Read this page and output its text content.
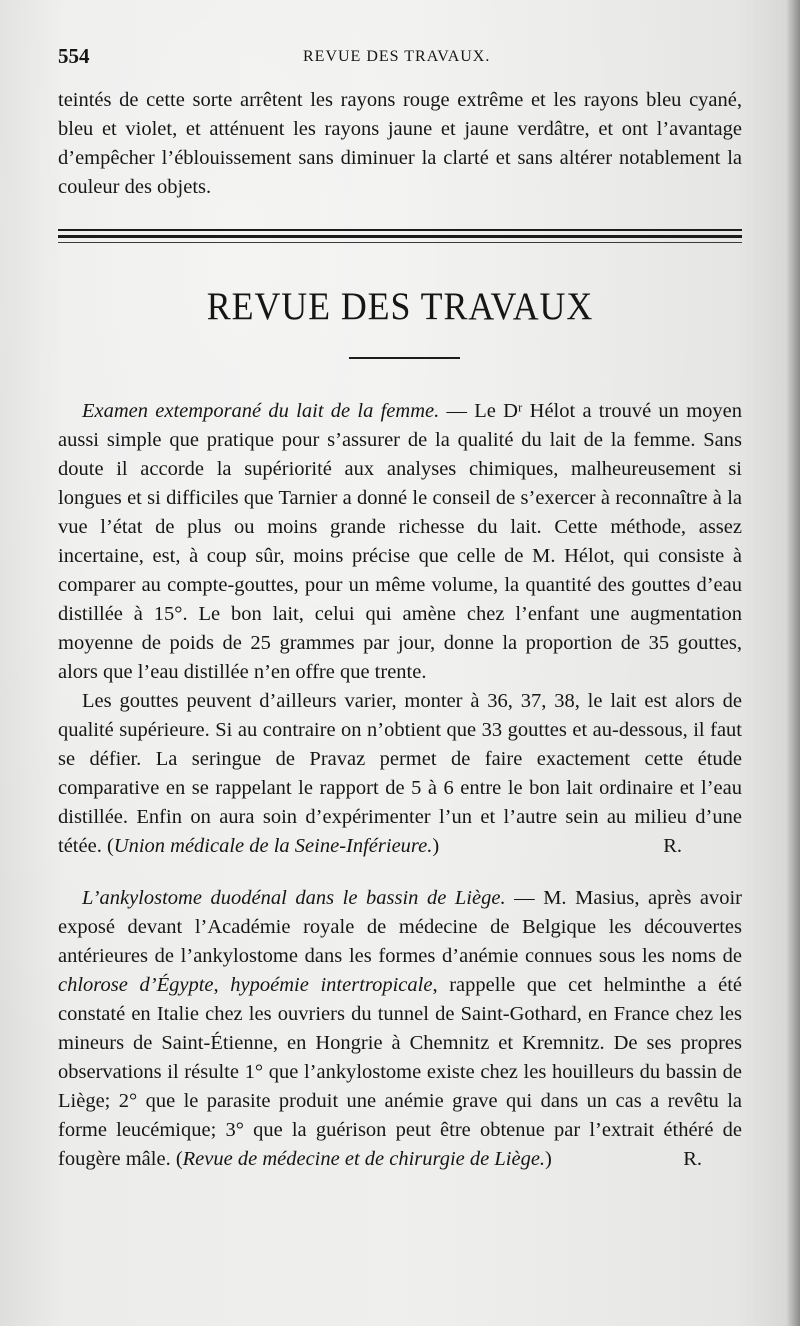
554	REVUE DES TRAVAUX.

teintés de cette sorte arrêtent les rayons rouge extrême et les rayons bleu cyané, bleu et violet, et atténuent les rayons jaune et jaune verdâtre, et ont l’avantage d’empêcher l’éblouissement sans diminuer la clarté et sans altérer notablement la couleur des objets.

REVUE DES TRAVAUX

Examen extemporané du lait de la femme. — Le Dʳ Hélot a trouvé un moyen aussi simple que pratique pour s’assurer de la qualité du lait de la femme. Sans doute il accorde la supériorité aux analyses chimiques, malheureusement si longues et si difficiles que Tarnier a donné le conseil de s’exercer à reconnaître à la vue l’état de plus ou moins grande richesse du lait. Cette méthode, assez incertaine, est, à coup sûr, moins précise que celle de M. Hélot, qui consiste à comparer au compte-gouttes, pour un même volume, la quantité des gouttes d’eau distillée à 15°. Le bon lait, celui qui amène chez l’enfant une augmentation moyenne de poids de 25 grammes par jour, donne la proportion de 35 gouttes, alors que l’eau distillée n’en offre que trente.

Les gouttes peuvent d’ailleurs varier, monter à 36, 37, 38, le lait est alors de qualité supérieure. Si au contraire on n’obtient que 33 gouttes et au-dessous, il faut se défier. La seringue de Pravaz permet de faire exactement cette étude comparative en se rappelant le rapport de 5 à 6 entre le bon lait ordinaire et l’eau distillée. Enfin on aura soin d’expérimenter l’un et l’autre sein au milieu d’une tétée. (Union médicale de la Seine-Inférieure.)	R.

L’ankylostome duodénal dans le bassin de Liège. — M. Masius, après avoir exposé devant l’Académie royale de médecine de Belgique les découvertes antérieures de l’ankylostome dans les formes d’anémie connues sous les noms de chlorose d’Égypte, hypoémie intertropicale, rappelle que cet helminthe a été constaté en Italie chez les ouvriers du tunnel de Saint-Gothard, en France chez les mineurs de Saint-Étienne, en Hongrie à Chemnitz et Kremnitz. De ses propres observations il résulte 1° que l’ankylostome existe chez les houilleurs du bassin de Liège; 2° que le parasite produit une anémie grave qui dans un cas a revêtu la forme leucémique; 3° que la guérison peut être obtenue par l’extrait éthéré de fougère mâle. (Revue de médecine et de chirurgie de Liège.)	R.
